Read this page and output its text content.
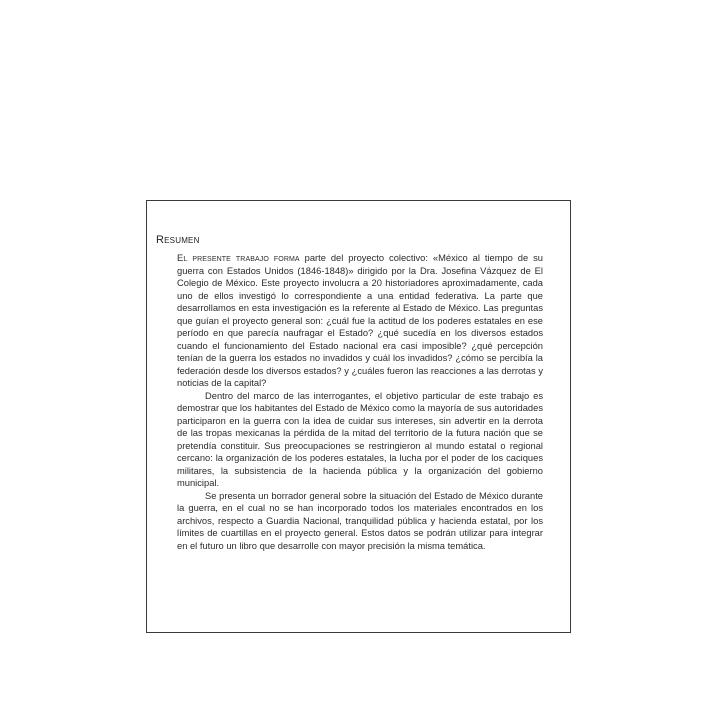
Resumen

El presente trabajo forma parte del proyecto colectivo: «México al tiempo de su guerra con Estados Unidos (1846-1848)» dirigido por la Dra. Josefina Vázquez de El Colegio de México. Este proyecto involucra a 20 historiadores aproximadamente, cada uno de ellos investigó lo correspondiente a una entidad federativa. La parte que desarrollamos en esta investigación es la referente al Estado de México. Las preguntas que guían el proyecto general son: ¿cuál fue la actitud de los poderes estatales en ese período en que parecía naufragar el Estado? ¿qué sucedía en los diversos estados cuando el funcionamiento del Estado nacional era casi imposible? ¿qué percepción tenían de la guerra los estados no invadidos y cuál los invadidos? ¿cómo se percibía la federación desde los diversos estados? y ¿cuáles fueron las reacciones a las derrotas y noticias de la capital?

Dentro del marco de las interrogantes, el objetivo particular de este trabajo es demostrar que los habitantes del Estado de México como la mayoría de sus autoridades participaron en la guerra con la idea de cuidar sus intereses, sin advertir en la derrota de las tropas mexicanas la pérdida de la mitad del territorio de la futura nación que se pretendía constituir. Sus preocupaciones se restringieron al mundo estatal o regional cercano: la organización de los poderes estatales, la lucha por el poder de los caciques militares, la subsistencia de la hacienda pública y la organización del gobierno municipal.

Se presenta un borrador general sobre la situación del Estado de México durante la guerra, en el cual no se han incorporado todos los materiales encontrados en los archivos, respecto a Guardia Nacional, tranquilidad pública y hacienda estatal, por los límites de cuartillas en el proyecto general. Estos datos se podrán utilizar para integrar en el futuro un libro que desarrolle con mayor precisión la misma temática.
